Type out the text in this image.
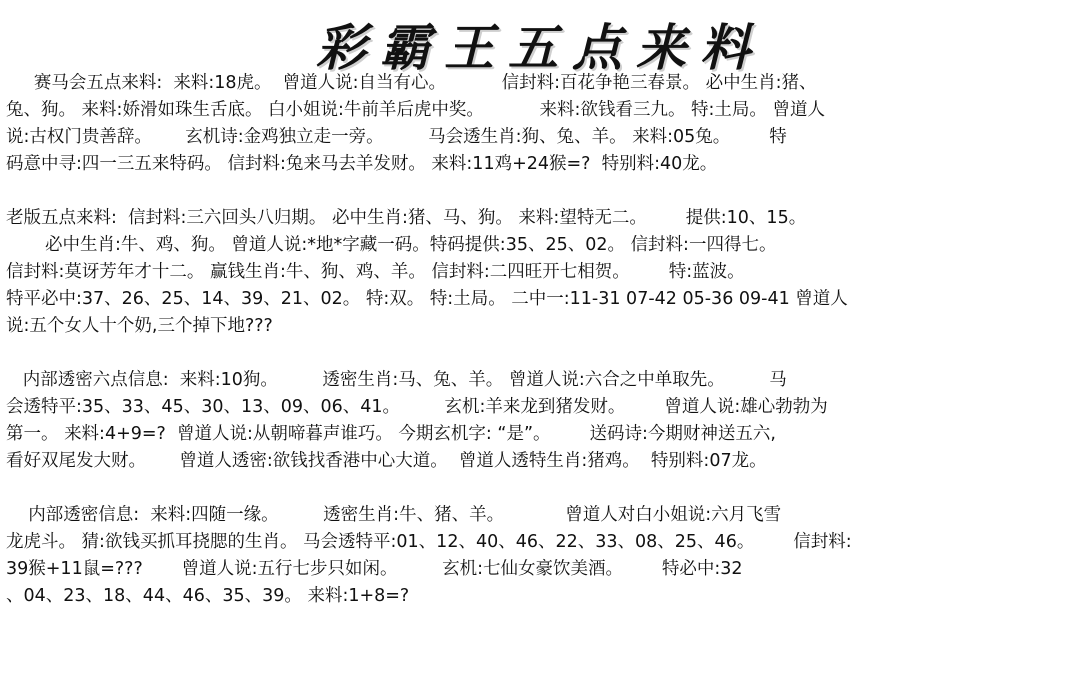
彩霸王五点来料
赛马会五点来料:  来料:18虎。  曾道人说:自当有心。          信封料:百花争艳三春景。 必中生肖:猪、
兔、狗。 来料:娇滑如珠生舌底。 白小姐说:牛前羊后虎中奖。          来料:欲钱看三九。 特:土局。 曾道人
说:古权门贵善辞。      玄机诗:金鸡独立走一旁。        马会透生肖:狗、兔、羊。 来料:05兔。       特
码意中寻:四一三五来特码。 信封料:兔来马去羊发财。 来料:11鸡+24猴=?  特别料:40龙。
老版五点来料:  信封料:三六回头八归期。 必中生肖:猪、马、狗。 来料:望特无二。       提供:10、15。
必中生肖:牛、鸡、狗。 曾道人说:*地*字藏一码。特码提供:35、25、02。 信封料:一四得七。
信封料:莫讶芳年才十二。 赢钱生肖:牛、狗、鸡、羊。 信封料:二四旺开七相贺。       特:蓝波。
特平必中:37、26、25、14、39、21、02。 特:双。 特:土局。 二中一:11-31 07-42 05-36 09-41 曾道人
说:五个女人十个奶,三个掉下地???
内部透密六点信息:  来料:10狗。        透密生肖:马、兔、羊。 曾道人说:六合之中单取先。        马
会透特平:35、33、45、30、13、09、06、41。        玄机:羊来龙到猪发财。       曾道人说:雄心勃勃为
第一。 来料:4+9=?  曾道人说:从朝啼暮声谁巧。 今期玄机字: “是”。       送码诗:今期财神送五六,
看好双尾发大财。      曾道人透密:欲钱找香港中心大道。  曾道人透特生肖:猪鸡。  特别料:07龙。
内部透密信息:  来料:四随一缘。        透密生肖:牛、猪、羊。           曾道人对白小姐说:六月飞雪
龙虎斗。 猜:欲钱买抓耳挠腮的生肖。 马会透特平:01、12、40、46、22、33、08、25、46。       信封料:
39猴+11鼠=???       曾道人说:五行七步只如闲。        玄机:七仙女豪饮美酒。       特必中:32
、04、23、18、44、46、35、39。 来料:1+8=?
